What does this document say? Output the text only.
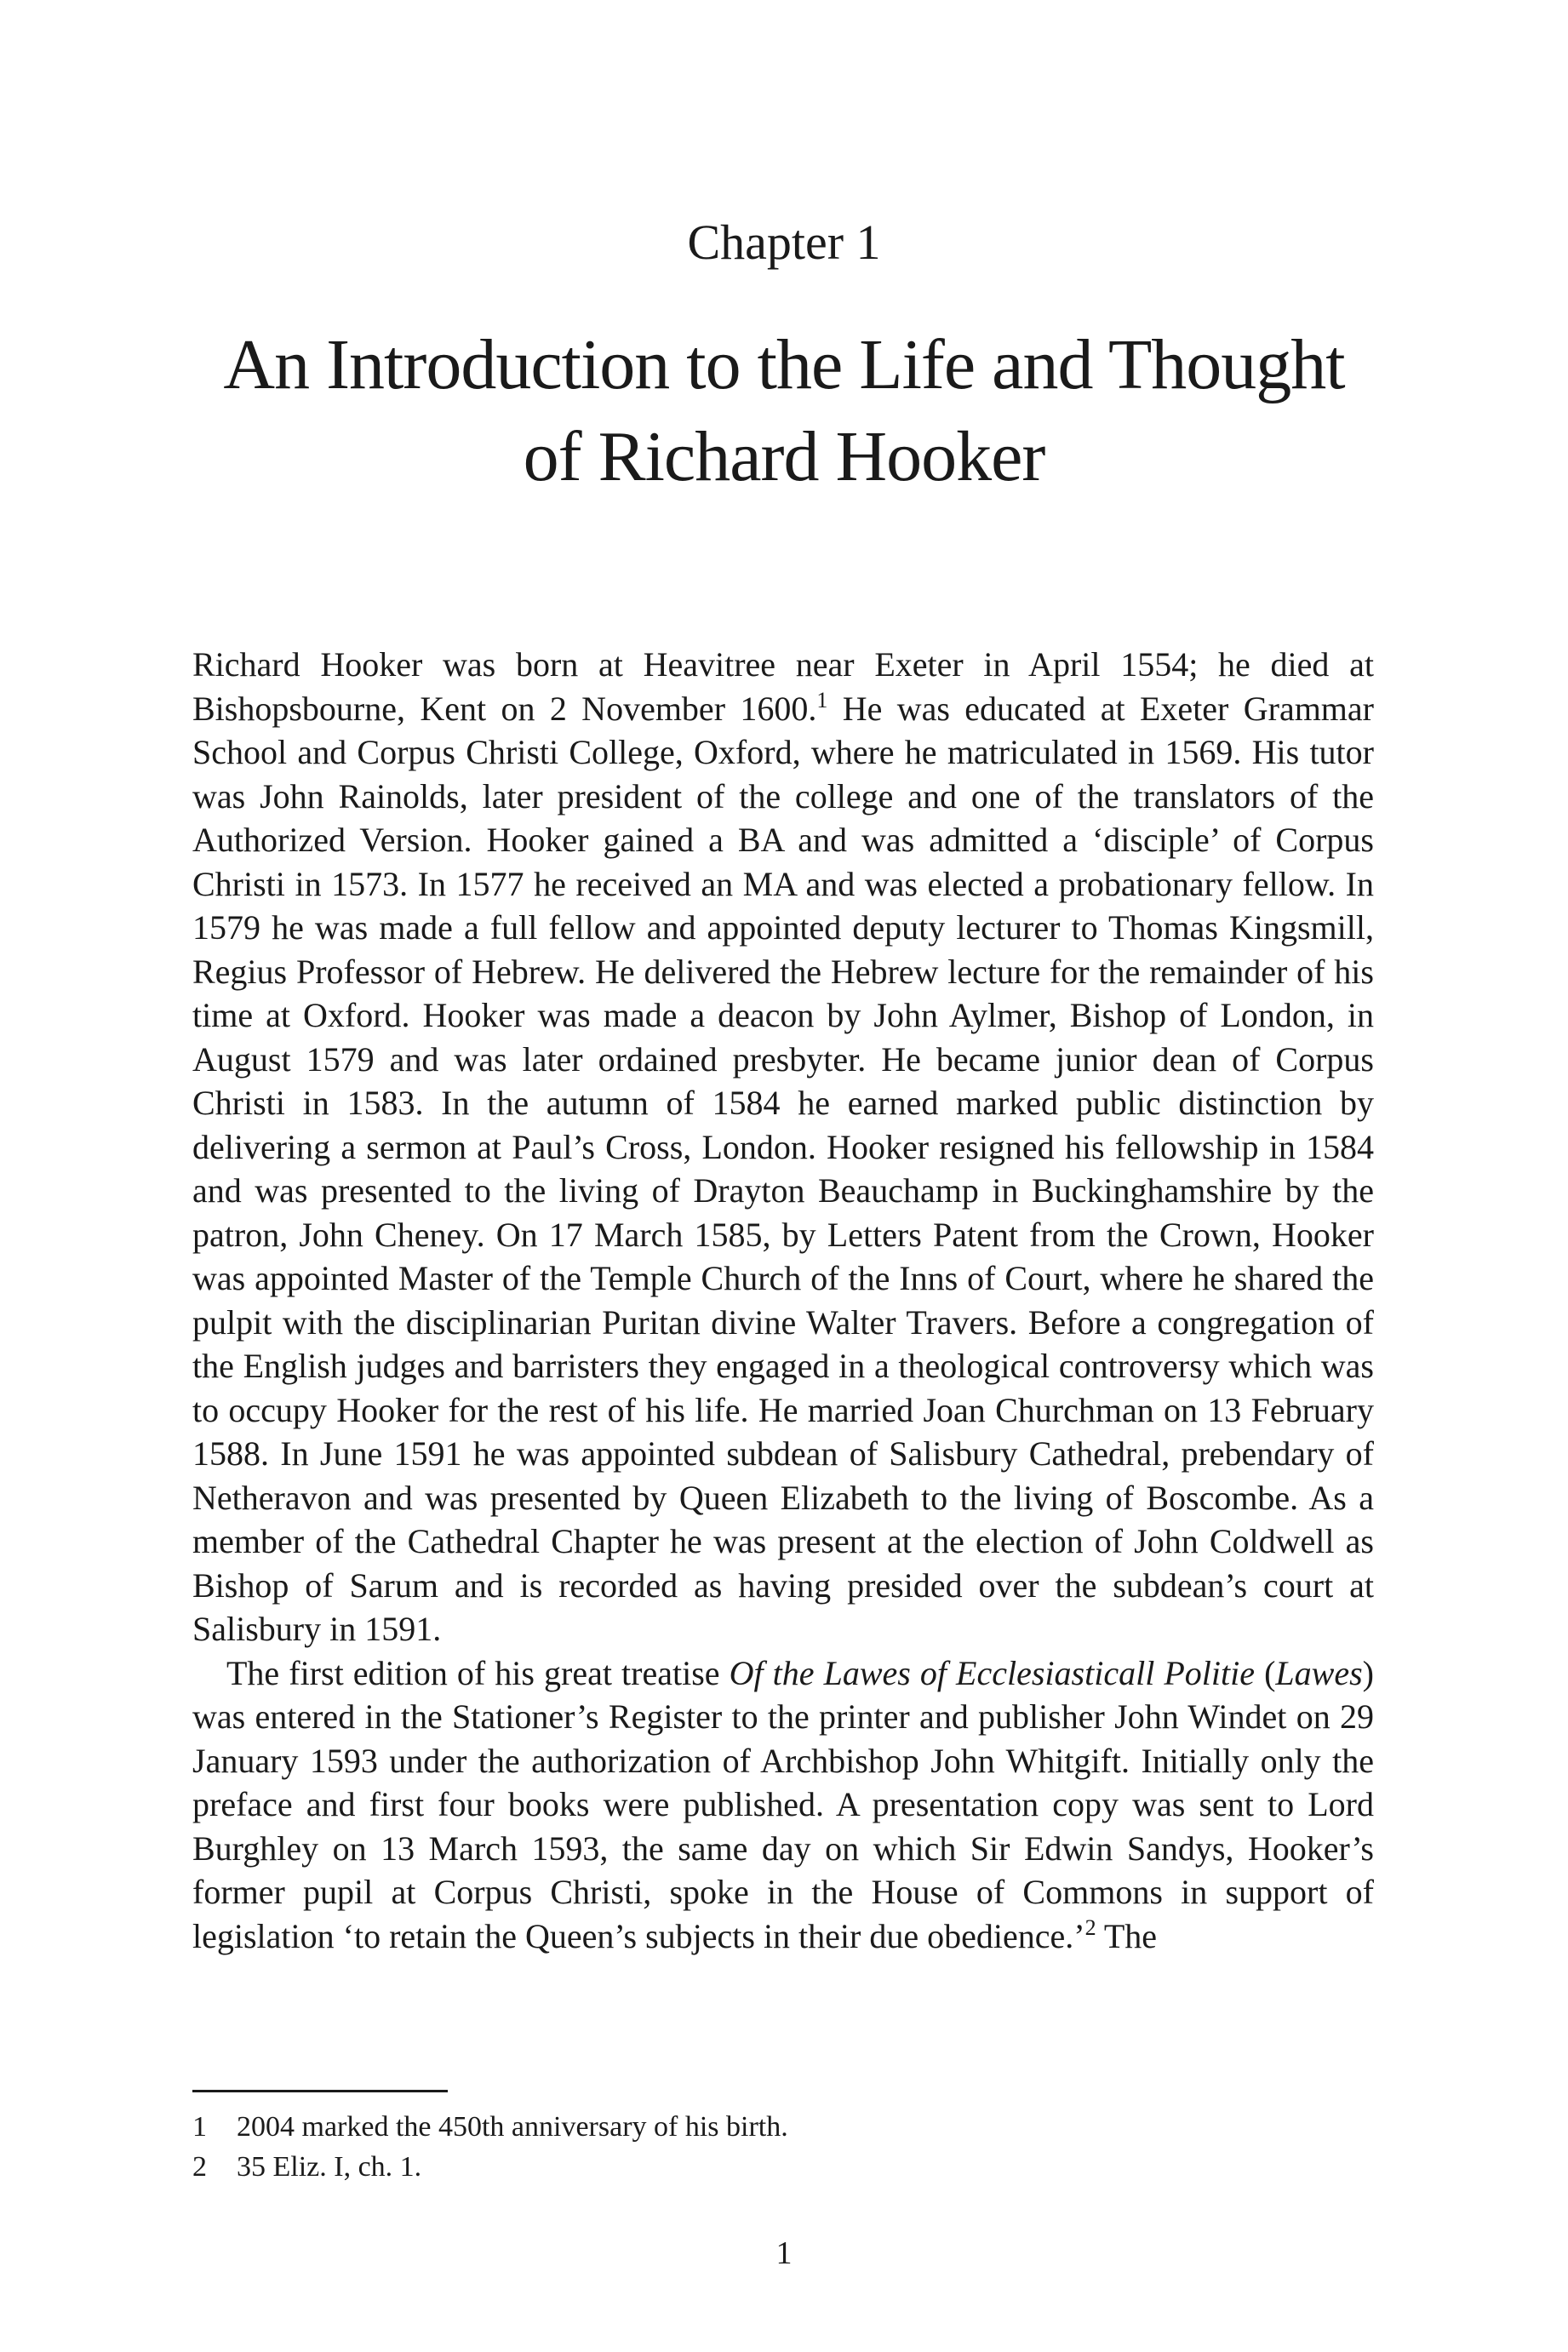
Chapter 1
An Introduction to the Life and Thought
of Richard Hooker

Richard Hooker was born at Heavitree near Exeter in April 1554; he died at Bishopsbourne, Kent on 2 November 1600.$^1$ He was educated at Exeter Grammar School and Corpus Christi College, Oxford, where he matriculated in 1569. His tutor was John Rainolds, later president of the college and one of the translators of the Authorized Version. Hooker gained a BA and was admitted a ‘disciple’ of Corpus Christi in 1573. In 1577 he received an MA and was elected a probationary fellow. In 1579 he was made a full fellow and appointed deputy lecturer to Thomas Kingsmill, Regius Professor of Hebrew. He delivered the Hebrew lecture for the remainder of his time at Oxford. Hooker was made a deacon by John Aylmer, Bishop of London, in August 1579 and was later ordained presbyter. He became junior dean of Corpus Christi in 1583. In the autumn of 1584 he earned marked public distinction by delivering a sermon at Paul’s Cross, London. Hooker resigned his fellowship in 1584 and was presented to the living of Drayton Beauchamp in Buckinghamshire by the patron, John Cheney. On 17 March 1585, by Letters Patent from the Crown, Hooker was appointed Master of the Temple Church of the Inns of Court, where he shared the pulpit with the disciplinarian Puritan divine Walter Travers. Before a congregation of the English judges and barristers they engaged in a theological controversy which was to occupy Hooker for the rest of his life. He married Joan Churchman on 13 February 1588. In June 1591 he was appointed subdean of Salisbury Cathedral, prebendary of Netheravon and was presented by Queen Elizabeth to the living of Boscombe. As a member of the Cathedral Chapter he was present at the election of John Coldwell as Bishop of Sarum and is recorded as having presided over the subdean’s court at Salisbury in 1591.

The first edition of his great treatise Of the Lawes of Ecclesiasticall Politie (Lawes) was entered in the Stationer’s Register to the printer and publisher John Windet on 29 January 1593 under the authorization of Archbishop John Whitgift. Initially only the preface and first four books were published. A presentation copy was sent to Lord Burghley on 13 March 1593, the same day on which Sir Edwin Sandys, Hooker’s former pupil at Corpus Christi, spoke in the House of Commons in support of legislation ‘to retain the Queen’s subjects in their due obedience.’$^2$ The

1	2004 marked the 450th anniversary of his birth.
2	35 Eliz. I, ch. 1.
1
